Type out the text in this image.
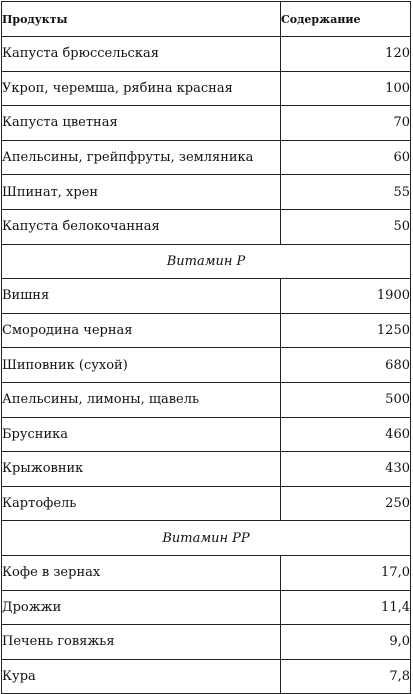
Продукты	Содержание
Капуста брюссельская	120
Укроп, черемша, рябина красная	100
Капуста цветная	70
Апельсины, грейпфруты, земляника	60
Шпинат, хрен	55
Капуста белокочанная	50
Витамин Р	
Вишня	1900
Смородина черная	1250
Шиповник (сухой)	680
Апельсины, лимоны, щавель	500
Брусника	460
Крыжовник	430
Картофель	250
Витамин РР	
Кофе в зернах	17,0
Дрожжи	11,4
Печень говяжья	9,0
Кура	7,8
